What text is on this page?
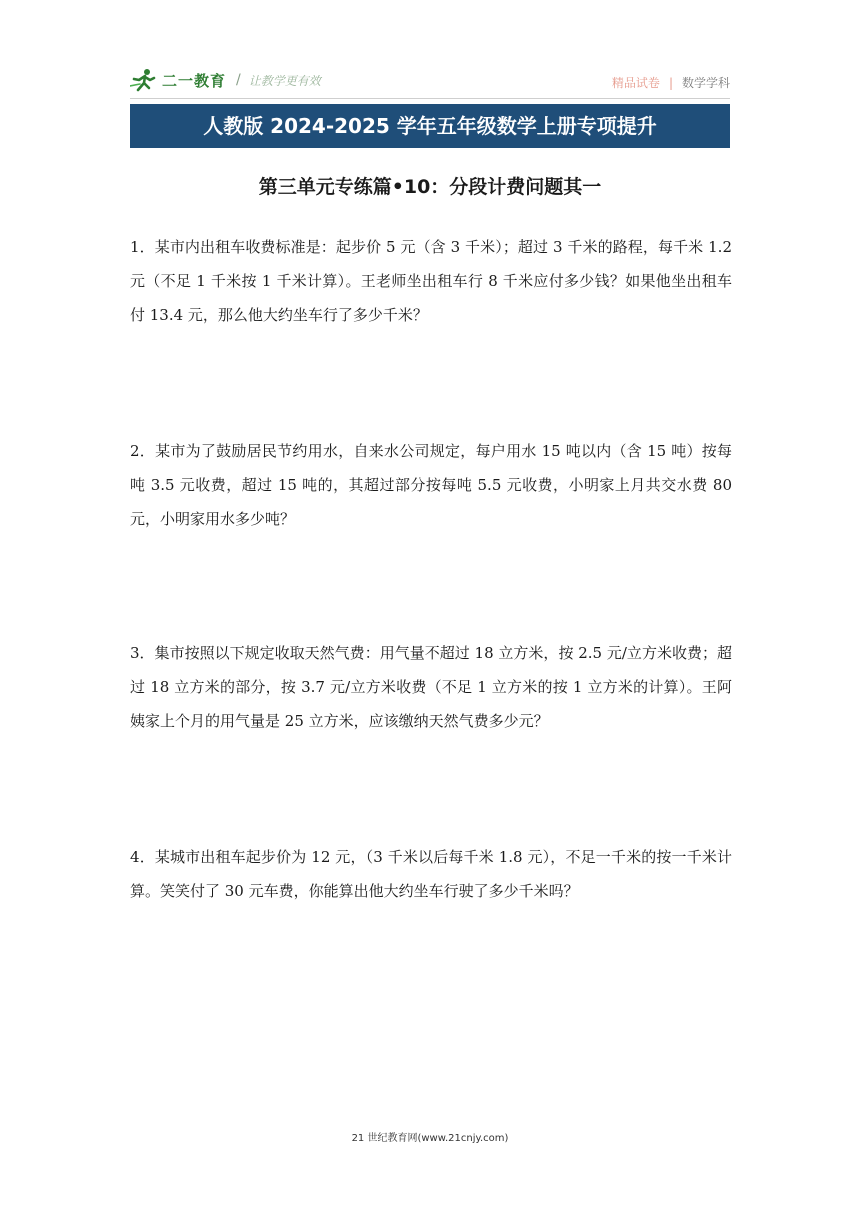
二一教育 / 让教学更有效	精品试卷 | 数学学科
人教版 2024-2025 学年五年级数学上册专项提升
第三单元专练篇•10：分段计费问题其一

1．某市内出租车收费标准是：起步价 5 元（含 3 千米）；超过 3 千米的路程，每千米 1.2 元（不足 1 千米按 1 千米计算）。王老师坐出租车行 8 千米应付多少钱？如果他坐出租车付 13.4 元，那么他大约坐车行了多少千米？

2．某市为了鼓励居民节约用水，自来水公司规定，每户用水 15 吨以内（含 15 吨）按每吨 3.5 元收费，超过 15 吨的，其超过部分按每吨 5.5 元收费，小明家上月共交水费 80 元，小明家用水多少吨？

3．集市按照以下规定收取天然气费：用气量不超过 18 立方米，按 2.5 元/立方米收费；超过 18 立方米的部分，按 3.7 元/立方米收费（不足 1 立方米的按 1 立方米的计算）。王阿姨家上个月的用气量是 25 立方米，应该缴纳天然气费多少元？

4．某城市出租车起步价为 12 元，（3 千米以后每千米 1.8 元），不足一千米的按一千米计算。笑笑付了 30 元车费，你能算出他大约坐车行驶了多少千米吗？

21 世纪教育网(www.21cnjy.com)
